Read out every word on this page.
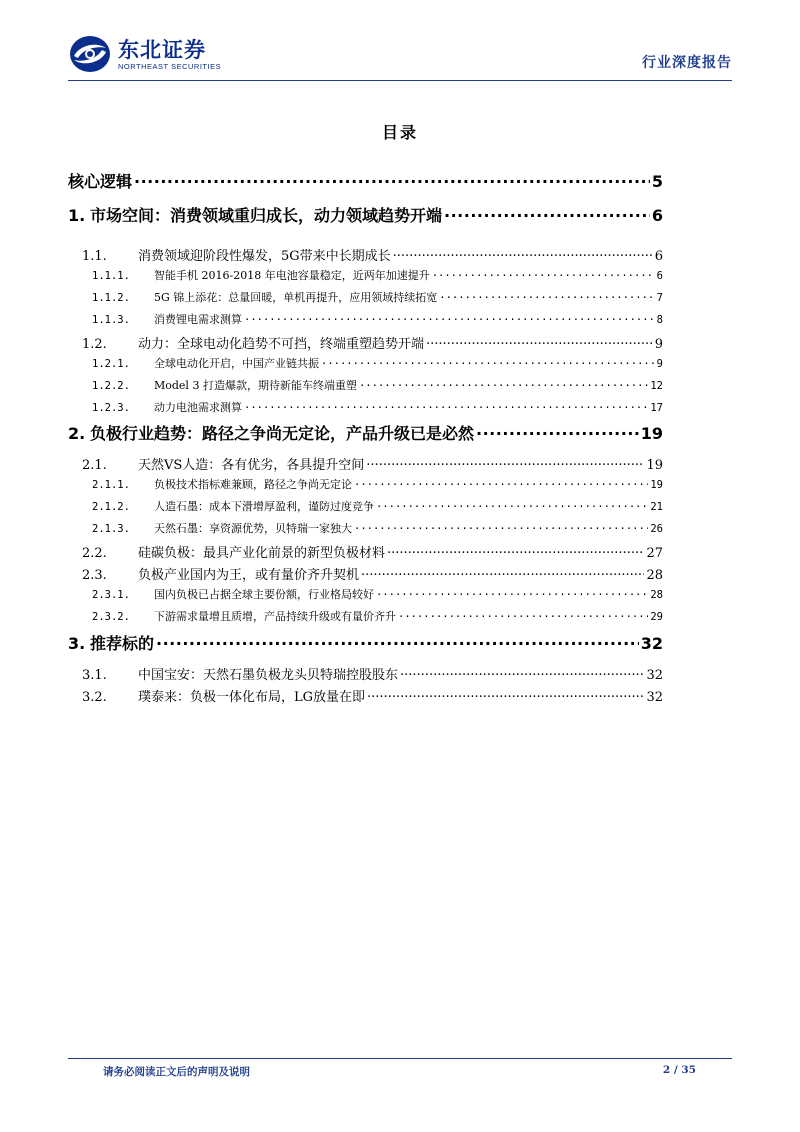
东北证券
NORTHEAST SECURITIES	行业深度报告
目录
核心逻辑 .....	5
1. 市场空间：消费领域重归成长，动力领域趋势开端 .....	6
1.1.	消费领域迎阶段性爆发，5G带来中长期成长 .....	6
1.1.1.	智能手机 2016-2018 年电池容量稳定，近两年加速提升 .....	6
1.1.2.	5G 锦上添花：总量回暖，单机再提升，应用领域持续拓宽 .....	7
1.1.3.	消费锂电需求测算 .....	8
1.2.	动力：全球电动化趋势不可挡，终端重塑趋势开端 .....	9
1.2.1.	全球电动化开启，中国产业链共振 .....	9
1.2.2.	Model 3 打造爆款，期待新能车终端重塑 .....	12
1.2.3.	动力电池需求测算 .....	17
2. 负极行业趋势：路径之争尚无定论，产品升级已是必然 .....	19
2.1.	天然VS人造：各有优劣，各具提升空间 .....	19
2.1.1.	负极技术指标难兼顾，路径之争尚无定论 .....	19
2.1.2.	人造石墨：成本下滑增厚盈利，谨防过度竞争 .....	21
2.1.3.	天然石墨：享资源优势，贝特瑞一家独大 .....	26
2.2.	硅碳负极：最具产业化前景的新型负极材料 .....	27
2.3.	负极产业国内为王，或有量价齐升契机 .....	28
2.3.1.	国内负极已占据全球主要份额，行业格局较好 .....	28
2.3.2.	下游需求量增且质增，产品持续升级或有量价齐升 .....	29
3. 推荐标的 .....	32
3.1.	中国宝安：天然石墨负极龙头贝特瑞控股股东 .....	32
3.2.	璞泰来：负极一体化布局，LG放量在即 .....	32
请务必阅读正文后的声明及说明	2 / 35
